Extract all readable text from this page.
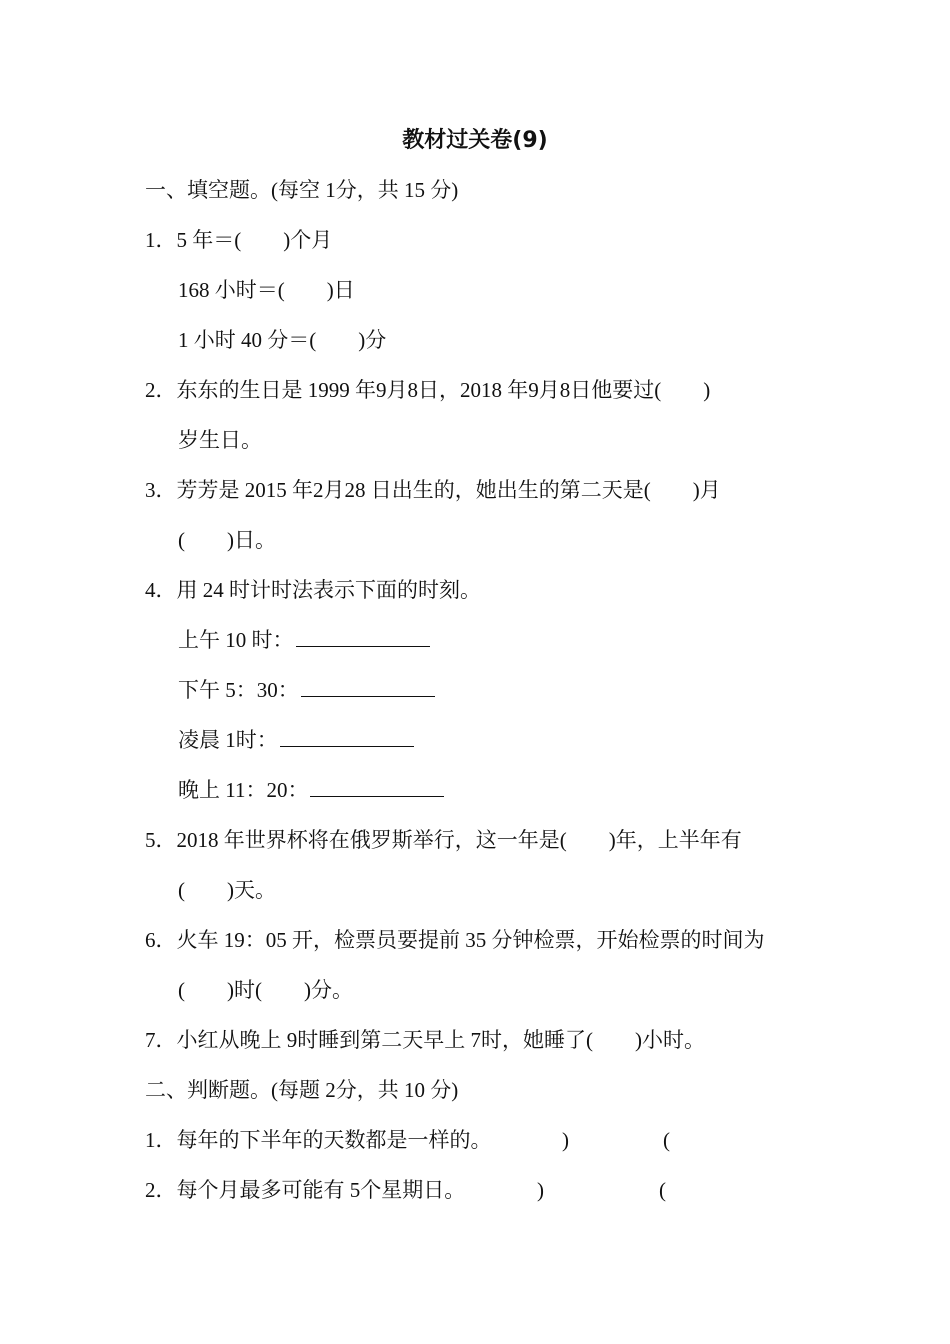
教材过关卷(9)
一、填空题。(每空 1分，共 15 分)
1．5 年＝(　　)个月
168 小时＝(　　)日
1 小时 40 分＝(　　)分
2．东东的生日是 1999 年9月8日，2018 年9月8日他要过(　　)
岁生日。
3．芳芳是 2015 年2月28 日出生的，她出生的第二天是(　　)月
(　　)日。
4．用 24 时计时法表示下面的时刻。
上午 10 时：
下午 5：30：
凌晨 1时：
晚上 11：20：
5．2018 年世界杯将在俄罗斯举行，这一年是(　　)年，上半年有
(　　)天。
6．火车 19：05 开，检票员要提前 35 分钟检票，开始检票的时间为
(　　)时(　　)分。
7．小红从晚上 9时睡到第二天早上 7时，她睡了(　　)小时。
二、判断题。(每题 2分，共 10 分)
1．每年的下半年的天数都是一样的。	)	(
2．每个月最多可能有 5个星期日。	)	(
